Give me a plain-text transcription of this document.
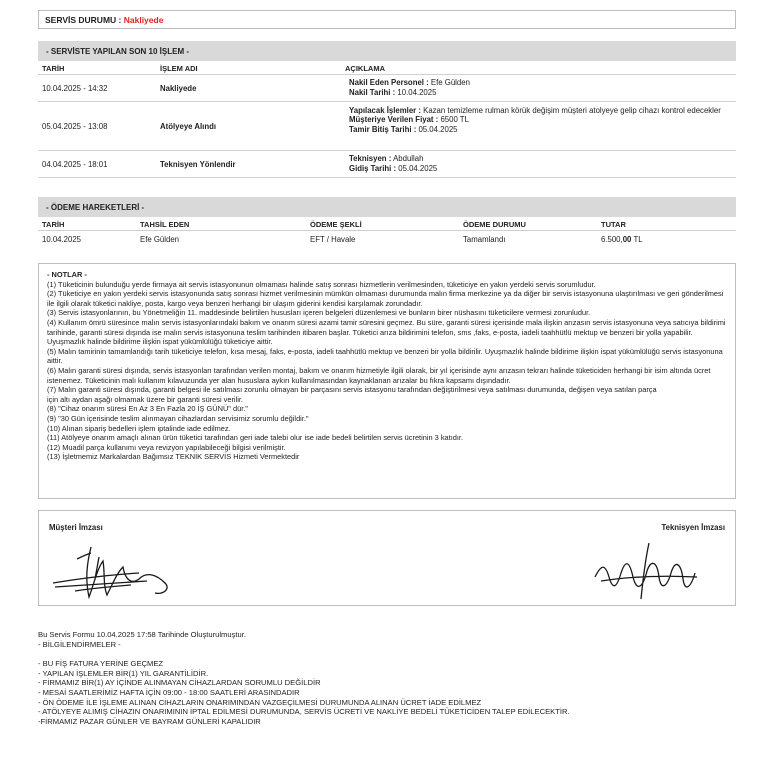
SERVİS DURUMU : Nakliyede
- SERVİSTE YAPILAN SON 10 İŞLEM -
TARİH	İŞLEM ADI	AÇIKLAMA
10.04.2025 - 14:32	Nakliyede
Nakil Eden Personel : Efe Gülden
Nakil Tarihi : 10.04.2025
05.04.2025 - 13:08	Atölyeye Alındı
Yapılacak İşlemler : Kazan temizleme rulman körük değişim müşteri atolyeye gelip cihazı kontrol edecekler
Müşteriye Verilen Fiyat : 6500 TL
Tamir Bitiş Tarihi : 05.04.2025
04.04.2025 - 18:01	Teknisyen Yönlendir
Teknisyen : Abdullah
Gidiş Tarihi : 05.04.2025
- ÖDEME HAREKETLERİ -
TARİH	TAHSİL EDEN	ÖDEME ŞEKLİ	ÖDEME DURUMU	TUTAR
10.04.2025	Efe Gülden	EFT / Havale	Tamamlandı	6.500, 00
TL
- NOTLAR -
(1) Tüketicinin bulunduğu yerde firmaya ait servis istasyonunun olmaması halinde satış sonrası hizmetlerin verilmesinden, tüketiciye en yakın yerdeki servis sorumludur.
(2) Tüketiciye en yakın yerdeki servis istasyonunda satış sonrası hizmet verilmesinin mümkün olmaması durumunda malın firma merkezine ya da diğer bir servis istasyonuna ulaştırılması ve geri gönderilmesi ile ilgili olarak tüketici nakliye, posta, kargo veya benzeri herhangi bir ulaşım giderini kendisi karşılamak zorundadır.
(3) Servis istasyonlarının, bu Yönetmeliğin 11. maddesinde belirtilen hususları içeren belgeleri düzenlemesi ve bunların birer nüshasını tüketicilere vermesi zorunludur.
(4) Kullanım ömrü süresince malın servis istasyonlarındaki bakım ve onarım süresi azami tamir süresini geçmez. Bu süre, garanti süresi içerisinde mala ilişkin arızasın servis istasyonuna veya satıcıya bildirimi tarihinde, garanti süresi dışında ise malın servis istasyonuna teslim tarihinden itibaren başlar. Tüketici arıza bildirimini telefon, sms ,faks, e-posta, iadeli taahhütlü mektup ve benzeri bir yolla yapabilir. Uyuşmazlık halinde bildirime ilişkin ispat yükümlülüğü tüketiciye aittir.
(5) Malın tamirinin tamamlandığı tarih tüketiciye telefon, kısa mesaj, faks, e-posta, iadeli taahhütlü mektup ve benzeri bir yolla bildirilir. Uyuşmazlık halinde bildirime ilişkin ispat yükümlülüğü servis istasyonuna aittir.
(6) Malın garanti süresi dışında, servis istasyonları tarafından verilen montaj, bakım ve onarım hizmetiyle ilgili olarak, bir yıl içerisinde aynı arızasın tekrarı halinde tüketiciden herhangi bir isim altında ücret istenemez. Tüketicinin malı kullanım kılavuzunda yer alan hususlara aykırı kullanılmasından kaynaklanan arızalar bu fıkra kapsamı dışındadır.
(7) Malın garanti süresi dışında, garanti belgesi ile satılması zorunlu olmayan bir parçasını servis istasyonu tarafından değiştirilmesi veya satılması durumunda, değişen veya satılan parça
için altı aydan aşağı olmamak üzere bir garanti süresi verilir.
(8) "Cihaz onarım süresi En Az 3 En Fazla 20 İŞ GÜNÜ" dür."
(9) "30 Gün içerisinde teslim alınmayan cihazlardan servisimiz sorumlu değildir."
(10) Alınan sipariş bedelleri işlem iptalinde iade edilmez.
(11) Atölyeye onarım amaçlı alınan ürün tüketici tarafından geri iade talebi olur ise iade bedeli belirtilen servis ücretinin 3 katıdır.
(12) Muadil parça kullanımı veya revizyon yapılabileceği bilgisi verilmiştir.
(13) İşletmemiz Markalardan Bağımsız TEKNİK SERVİS Hizmeti Vermektedir
Müşteri İmzası	Teknisyen İmzası
Bu Servis Formu 10.04.2025 17:58 Tarihinde Oluşturulmuştur.
- BİLGİLENDİRMELER -
- BU FİŞ FATURA YERİNE GEÇMEZ
- YAPILAN İŞLEMLER BİR(1) YIL GARANTİLİDİR.
- FİRMAMIZ BİR(1) AY İÇİNDE ALINMAYAN CİHAZLARDAN SORUMLU DEĞİLDİR
- MESAİ SAATLERİMİZ HAFTA İÇİN 09:00 - 18:00 SAATLERİ ARASINDADIR
- ÖN ÖDEME İLE İŞLEME ALINAN CİHAZLARIN ONARIMINDAN VAZGEÇİLMESİ DURUMUNDA ALINAN ÜCRET İADE EDİLMEZ
- ATÖLYEYE ALIMIŞ CİHAZIN ONARIMININ İPTAL EDİLMESİ DURUMUNDA, SERVİS ÜCRETİ VE NAKLİYE BEDELİ TÜKETİCİDEN TALEP EDİLECEKTİR.
-FİRMAMIZ PAZAR GÜNLER VE BAYRAM GÜNLERİ KAPALIDIR
